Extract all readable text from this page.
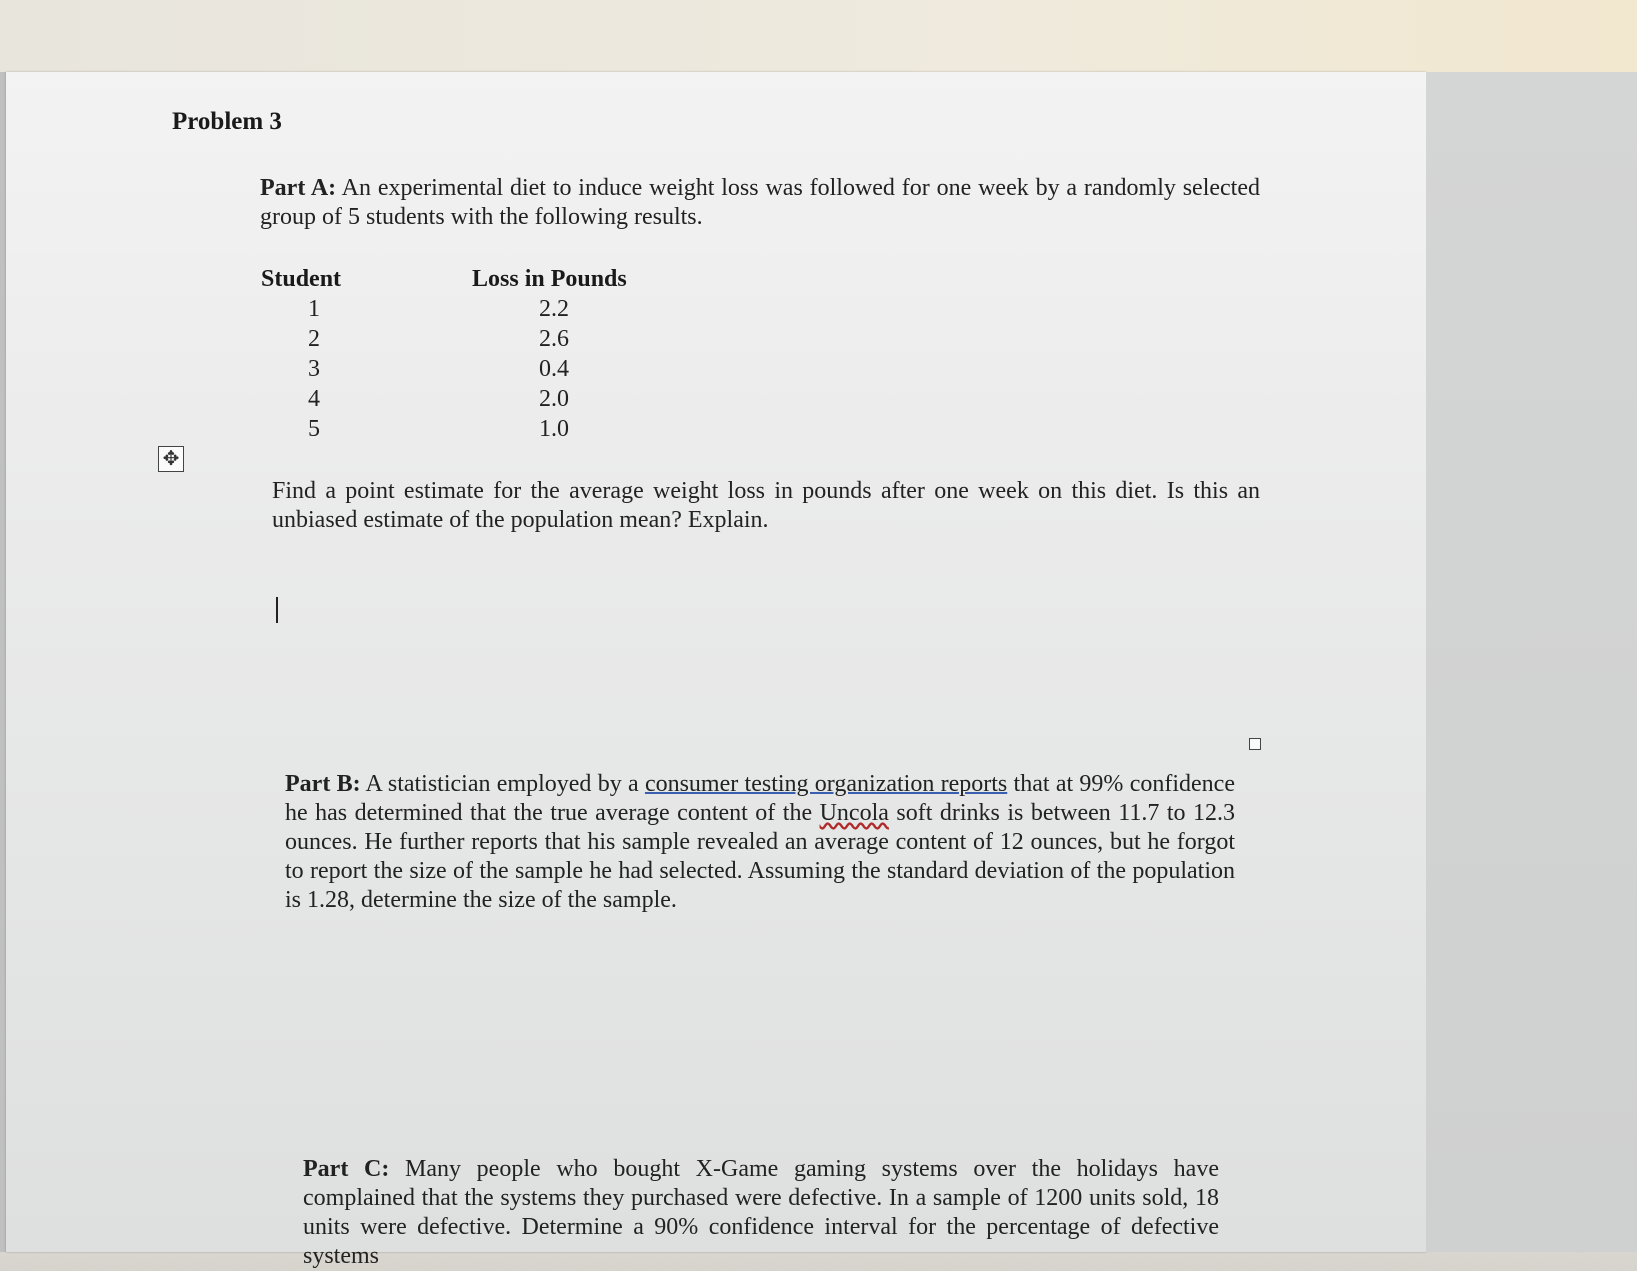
Problem 3
Part A: An experimental diet to induce weight loss was followed for one week by a randomly selected group of 5 students with the following results.
Student	Loss in Pounds
1	2.2
2	2.6
3	0.4
4	2.0
5	1.0
✥
Find a point estimate for the average weight loss in pounds after one week on this diet. Is this an unbiased estimate of the population mean? Explain.
Part B: A statistician employed by a consumer testing organization reports that at 99% confidence he has determined that the true average content of the Uncola soft drinks is between 11.7 to 12.3 ounces. He further reports that his sample revealed an average content of 12 ounces, but he forgot to report the size of the sample he had selected. Assuming the standard deviation of the population is 1.28, determine the size of the sample.
Part C: Many people who bought X-Game gaming systems over the holidays have complained that the systems they purchased were defective. In a sample of 1200 units sold, 18 units were defective. Determine a 90% confidence interval for the percentage of defective systems
